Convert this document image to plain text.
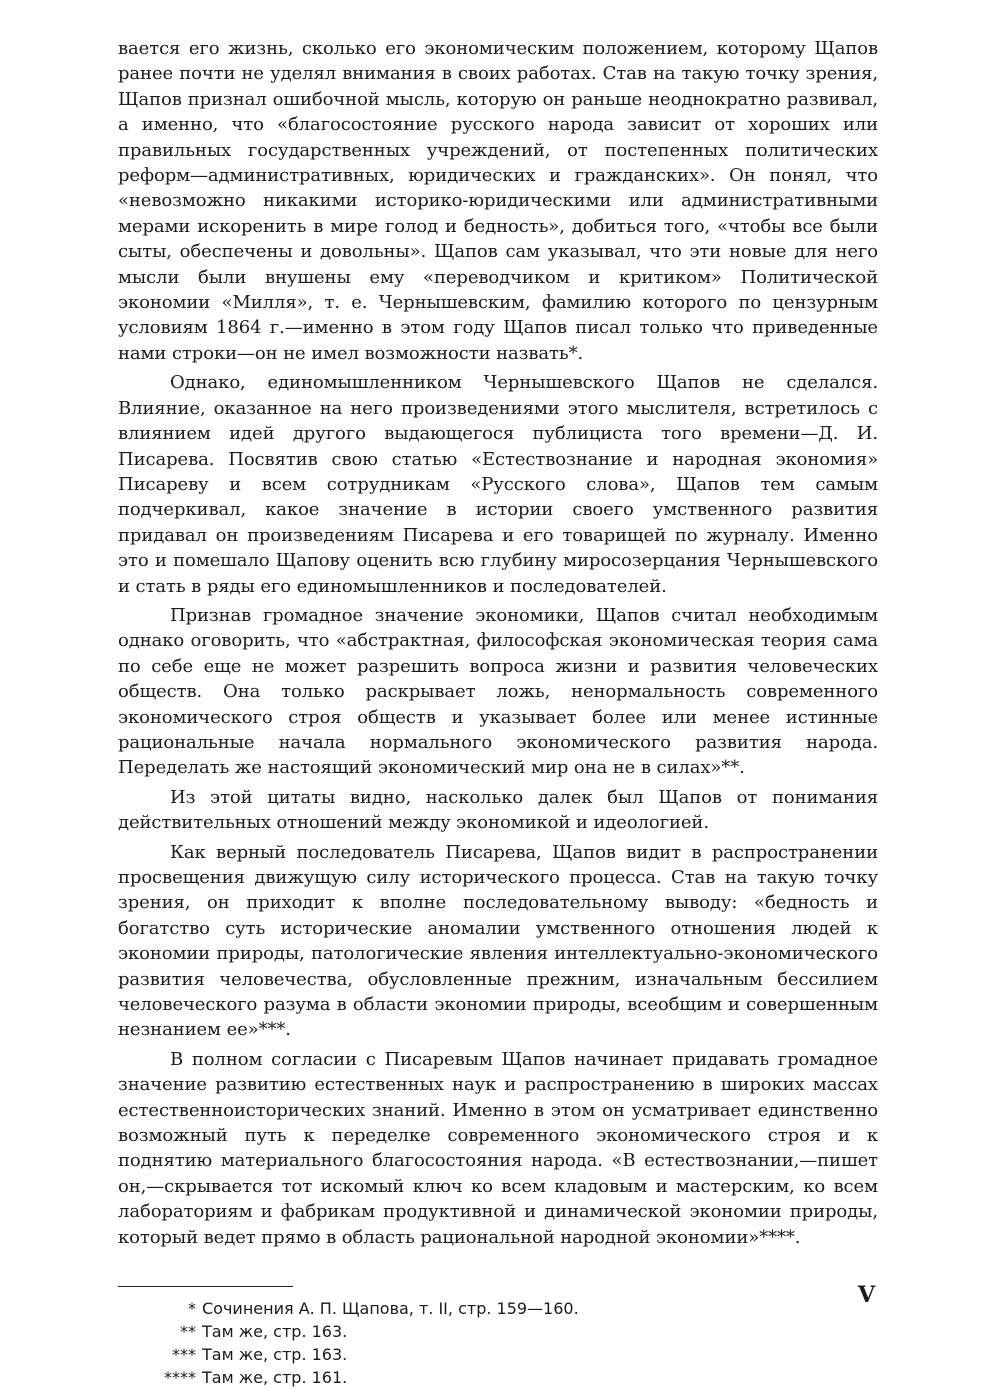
вается его жизнь, сколько его экономическим положением, которому Щапов ранее почти не уделял внимания в своих работах. Став на такую точку зрения, Щапов признал ошибочной мысль, которую он раньше неоднократно развивал, а именно, что «благосостояние русского народа зависит от хороших или правильных государственных учреждений, от постепенных политических реформ—административных, юридических и гражданских». Он понял, что «невозможно никакими историко-юридическими или административными мерами искоренить в мире голод и бедность», добиться того, «чтобы все были сыты, обеспечены и довольны». Щапов сам указывал, что эти новые для него мысли были внушены ему «переводчиком и критиком» Политической экономии «Милля», т. е. Чернышевским, фамилию которого по цензурным условиям 1864 г.—именно в этом году Щапов писал только что приведенные нами строки—он не имел возможности назвать*.

Однако, единомышленником Чернышевского Щапов не сделался. Влияние, оказанное на него произведениями этого мыслителя, встретилось с влиянием идей другого выдающегося публициста того времени—Д. И. Писарева. Посвятив свою статью «Естествознание и народная экономия» Писареву и всем сотрудникам «Русского слова», Щапов тем самым подчеркивал, какое значение в истории своего умственного развития придавал он произведениям Писарева и его товарищей по журналу. Именно это и помешало Щапову оценить всю глубину миросозерцания Чернышевского и стать в ряды его единомышленников и последователей.

Признав громадное значение экономики, Щапов считал необходимым однако оговорить, что «абстрактная, философская экономическая теория сама по себе еще не может разрешить вопроса жизни и развития человеческих обществ. Она только раскрывает ложь, ненормальность современного экономического строя обществ и указывает более или менее истинные рациональные начала нормального экономического развития народа. Переделать же настоящий экономический мир она не в силах»**.

Из этой цитаты видно, насколько далек был Щапов от понимания действительных отношений между экономикой и идеологией.

Как верный последователь Писарева, Щапов видит в распространении просвещения движущую силу исторического процесса. Став на такую точку зрения, он приходит к вполне последовательному выводу: «бедность и богатство суть исторические аномалии умственного отношения людей к экономии природы, патологические явления интеллектуально-экономического развития человечества, обусловленные прежним, изначальным бессилием человеческого разума в области экономии природы, всеобщим и совершенным незнанием ее»***.

В полном согласии с Писаревым Щапов начинает придавать громадное значение развитию естественных наук и распространению в широких массах естественноисторических знаний. Именно в этом он усматривает единственно возможный путь к переделке современного экономического строя и к поднятию материального благосостояния народа. «В естествознании,—пишет он,—скрывается тот искомый ключ ко всем кладовым и мастерским, ко всем лабораториям и фабрикам продуктивной и динамической экономии природы, который ведет прямо в область рациональной народной экономии»****.

* Сочинения А. П. Щапова, т. II, стр. 159—160.
** Там же, стр. 163.
*** Там же, стр. 163.
**** Там же, стр. 161.
V
